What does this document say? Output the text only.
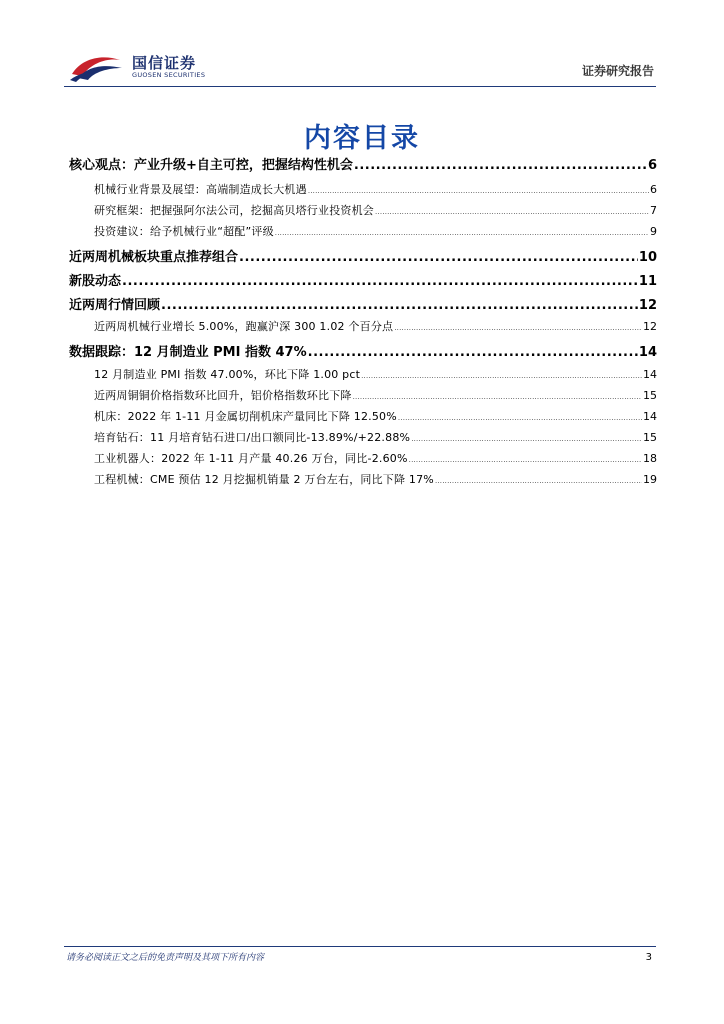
国信证券
GUOSEN SECURITIES	证券研究报告
内容目录
核心观点：产业升级+自主可控，把握结构性机会 .....	6
机械行业背景及展望：高端制造成长大机遇 .....	6
研究框架：把握强阿尔法公司，挖掘高贝塔行业投资机会 .....	7
投资建议：给予机械行业“超配”评级 .....	9
近两周机械板块重点推荐组合 .....	10
新股动态 .....	11
近两周行情回顾 .....	12
近两周机械行业增长 5.00%，跑赢沪深 300 1.02 个百分点 .....	12
数据跟踪：12 月制造业 PMI 指数 47% .....	14
12 月制造业 PMI 指数 47.00%，环比下降 1.00 pct .....	14
近两周铜铜价格指数环比回升，铝价格指数环比下降 .....	15
机床：2022 年 1-11 月金属切削机床产量同比下降 12.50% .....	14
培育钻石：11 月培育钻石进口/出口额同比-13.89%/+22.88% .....	15
工业机器人：2022 年 1-11 月产量 40.26 万台，同比-2.60% .....	18
工程机械：CME 预估 12 月挖掘机销量 2 万台左右，同比下降 17% .....	19
请务必阅读正文之后的免责声明及其项下所有内容	3
